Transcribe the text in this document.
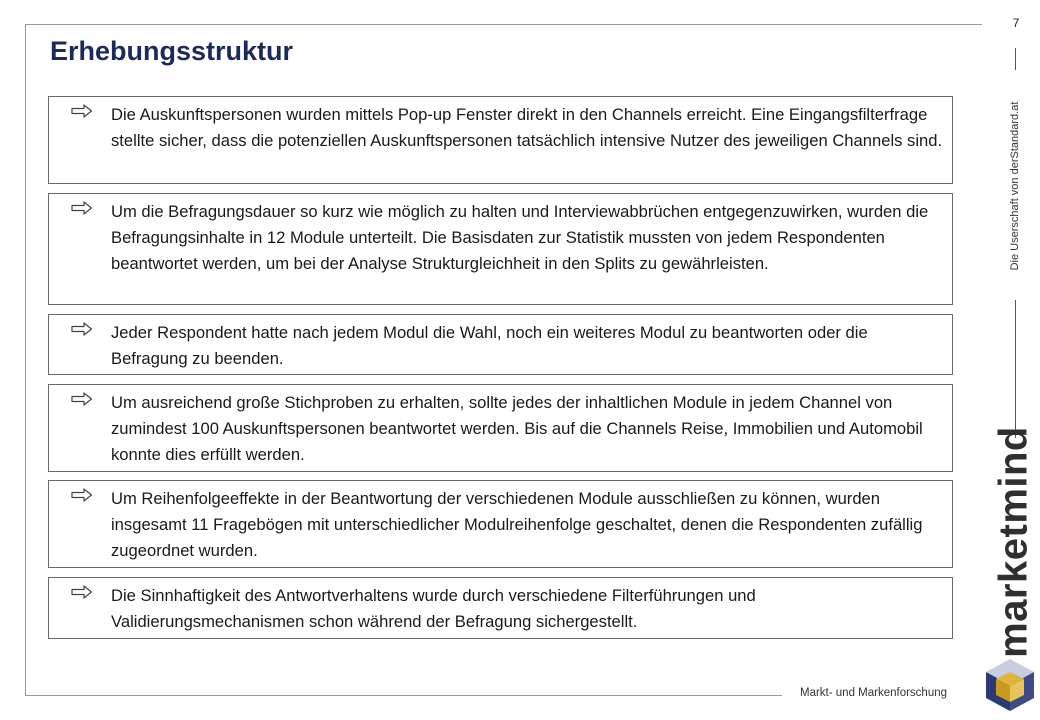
7
Die Userschaft von derStandard.at
marketmind
Markt- und Markenforschung
Erhebungsstruktur

Die Auskunftspersonen wurden mittels Pop-up Fenster direkt in den Channels erreicht. Eine Eingangsfilterfrage stellte sicher, dass die potenziellen Auskunftspersonen tatsächlich intensive Nutzer des jeweiligen Channels sind.

Um die Befragungsdauer so kurz wie möglich zu halten und Interviewabbrüchen entgegenzuwirken, wurden die Befragungsinhalte in 12 Module unterteilt. Die Basisdaten zur Statistik mussten von jedem Respondenten beantwortet werden, um bei der Analyse Strukturgleichheit in den Splits zu gewährleisten.

Jeder Respondent hatte nach jedem Modul die Wahl, noch ein weiteres Modul zu beantworten oder die Befragung zu beenden.

Um ausreichend große Stichproben zu erhalten, sollte jedes der inhaltlichen Module in jedem Channel von zumindest 100 Auskunftspersonen beantwortet werden. Bis auf die Channels Reise, Immobilien und Automobil konnte dies erfüllt werden.

Um Reihenfolgeeffekte in der Beantwortung der verschiedenen Module ausschließen zu können, wurden insgesamt 11 Fragebögen mit unterschiedlicher Modulreihenfolge geschaltet, denen die Respondenten zufällig zugeordnet wurden.

Die Sinnhaftigkeit des Antwortverhaltens wurde durch verschiedene Filterführungen und Validierungsmechanismen schon während der Befragung sichergestellt.
